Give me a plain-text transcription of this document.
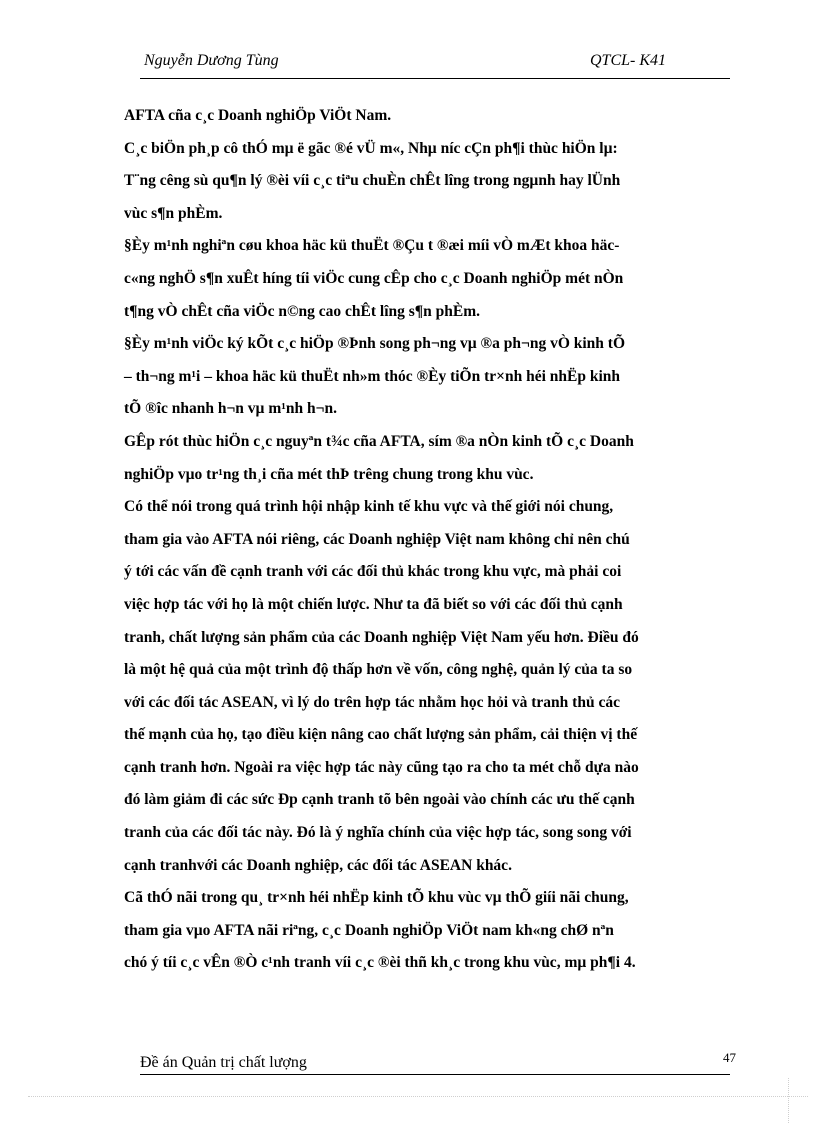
Nguyễn Dương Tùng	QTCL- K41

AFTA cña c¸c Doanh nghiÖp ViÖt Nam.

C¸c biÖn ph¸p cô thÓ mµ ë gãc ®é vÜ m«, Nhµ níc cÇn ph¶i thùc hiÖn lµ:
T¨ng cêng sù qu¶n lý ®èi víi c¸c tiªu chuÈn chÊt lîng trong ngµnh hay lÜnh
vùc s¶n phÈm.

§Èy m¹nh nghiªn cøu khoa häc kü thuËt ®Çu t ®æi míi vÒ mÆt khoa häc-
c«ng nghÖ s¶n xuÊt híng tíi viÖc cung cÊp cho c¸c Doanh nghiÖp mét nÒn
t¶ng vÒ chÊt cña viÖc n©ng cao chÊt lîng s¶n phÈm.

§Èy m¹nh viÖc ký kÕt c¸c hiÖp ®Þnh song ph¬ng vµ ®a ph¬ng vÒ kinh tÕ
– th¬ng m¹i – khoa häc kü thuËt nh»m thóc ®Èy tiÕn tr×nh héi nhËp kinh
tÕ ®îc nhanh h¬n vµ m¹nh h¬n.

GÊp rót thùc hiÖn c¸c nguyªn t¾c cña AFTA, sím ®a nÒn kinh tÕ c¸c Doanh
nghiÖp vµo tr¹ng th¸i cña mét thÞ trêng chung trong khu vùc.

Có thể nói trong quá trình hội nhập kinh tế khu vực và thế giới nói chung,
tham gia vào AFTA nói riêng, các Doanh nghiệp Việt nam không chỉ nên chú
ý tới các vấn đề cạnh tranh với các đối thủ khác trong khu vực, mà phải coi
việc hợp tác với họ là một chiến lược. Như ta đã biết so với các đối thủ cạnh
tranh, chất lượng sản phẩm của các Doanh nghiệp Việt Nam yếu hơn. Điều đó
là một hệ quả của một trình độ thấp hơn về vốn, công nghệ, quản lý của ta so
với các đối tác ASEAN, vì lý do trên hợp tác nhằm học hỏi và tranh thủ các
thế mạnh của họ, tạo điều kiện nâng cao chất lượng sản phẩm, cải thiện vị thế
cạnh tranh hơn. Ngoài ra việc hợp tác này cũng tạo ra cho ta mét chỗ dựa nào
đó làm giảm đi các sức Ðp cạnh tranh tõ bên ngoài vào chính các ưu thế cạnh
tranh của các đối tác này. Đó là ý nghĩa chính của việc hợp tác, song song với
cạnh tranhvới các Doanh nghiệp, các đối tác ASEAN khác.

Cã thÓ nãi trong qu¸ tr×nh héi nhËp kinh tÕ khu vùc vµ thÕ giíi nãi chung,
tham gia vµo AFTA nãi riªng, c¸c Doanh nghiÖp ViÖt nam kh«ng chØ nªn
chó ý tíi c¸c vÊn ®Ò c¹nh tranh víi c¸c ®èi thñ kh¸c trong khu vùc, mµ ph¶i 4.

Đề án Quản trị chất lượng	47
